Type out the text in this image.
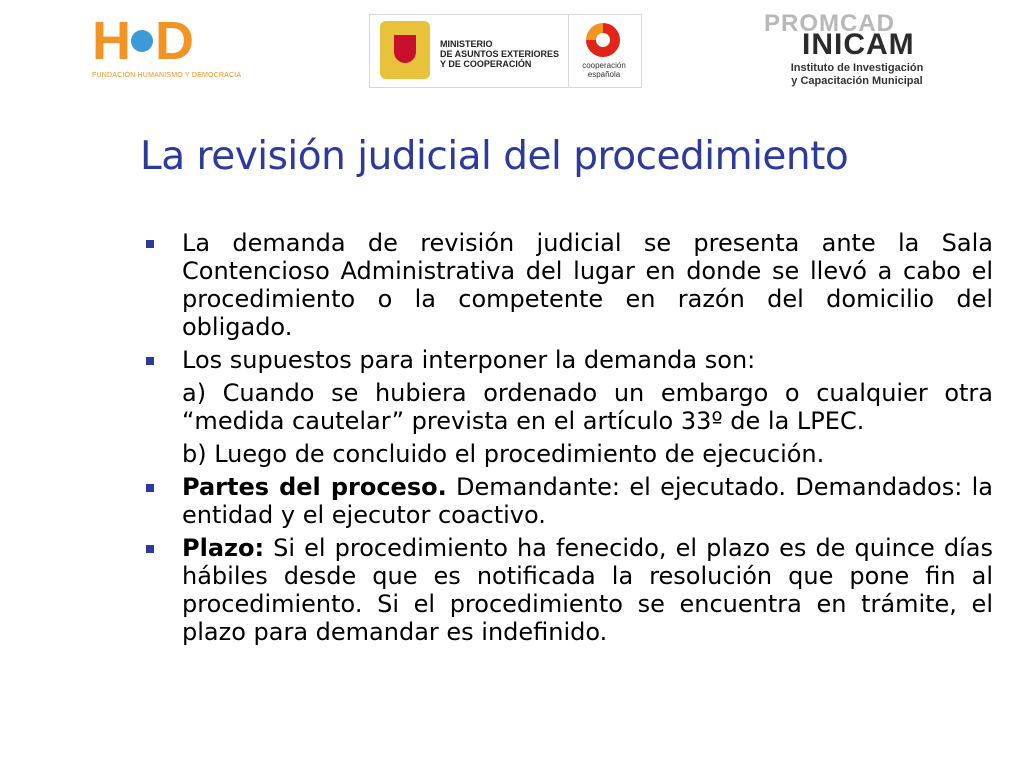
H D
FUNDACIÓN HUMANISMO Y DEMOCRACIA
MINISTERIO
DE ASUNTOS EXTERIORES
Y DE COOPERACIÓN	cooperación
española
PROMCAD
INICAM
Instituto de Investigación
y Capacitación Municipal
La revisión judicial del procedimiento
La demanda de revisión judicial se presenta ante la Sala Contencioso Administrativa del lugar en donde se llevó a cabo el procedimiento o la competente en razón del domicilio del obligado.
Los supuestos para interponer la demanda son:
a) Cuando se hubiera ordenado un embargo o cualquier otra “medida cautelar” prevista en el artículo 33º de la LPEC.
b) Luego de concluido el procedimiento de ejecución.
Partes del proceso. Demandante: el ejecutado. Demandados: la entidad y el ejecutor coactivo.
Plazo: Si el procedimiento ha fenecido, el plazo es de quince días hábiles desde que es notificada la resolución que pone fin al procedimiento. Si el procedimiento se encuentra en trámite, el plazo para demandar es indefinido.
